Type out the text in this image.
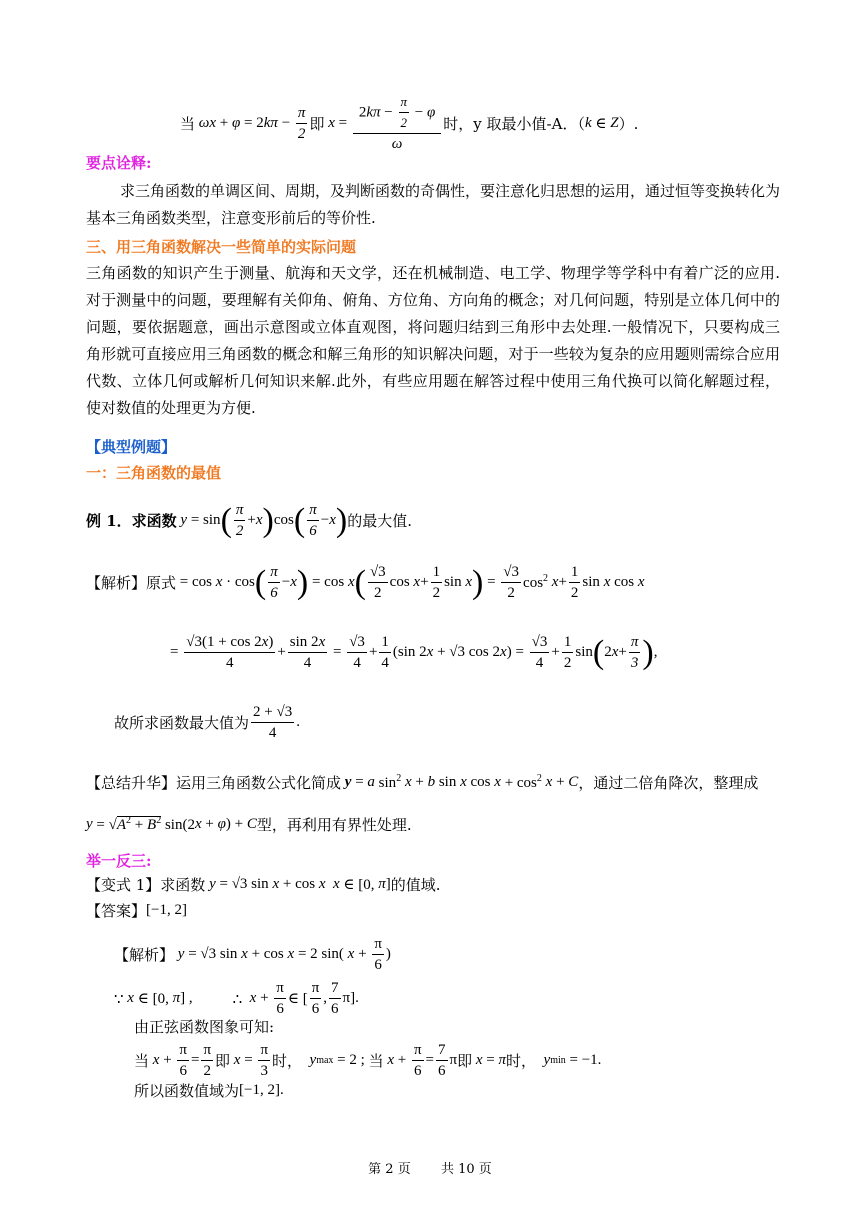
当 ωx + φ = 2 $k\pi - \frac{\pi}{2}$ 即 $x = \frac{2k\pi - \frac{\pi}{2} - \varphi}{\omega}$ 时，y 取最小值-A．（ k ∈ Z ）.
要点诠释:
求三角函数的单调区间、周期，及判断函数的奇偶性，要注意化归思想的运用，通过恒等变换转化为基本三角函数类型，注意变形前后的等价性.
三、用三角函数解决一些简单的实际问题
三角函数的知识产生于测量、航海和天文学，还在机械制造、电工学、物理学等学科中有着广泛的应用. 对于测量中的问题，要理解有关仰角、俯角、方位角、方向角的概念；对几何问题，特别是立体几何中的问题，要依据题意，画出示意图或立体直观图，将问题归结到三角形中去处理.一般情况下，只要构成三角形就可直接应用三角函数的概念和解三角形的知识解决问题，对于一些较为复杂的应用题则需综合应用代数、立体几何或解析几何知识来解.此外，有些应用题在解答过程中使用三角代换可以简化解题过程，使对数值的处理更为方便.
【典型例题】
一：三角函数的最值
例 1．求函数 y = sin ( $\frac{\pi}{2} + x$ ) cos ( $\frac{\pi}{6} - x$ ) 的最大值.
【解析】原式 = cos x · cos ( $\frac{\pi}{6} - x$ ) = cos x ( $\frac{√3}{2}$ $\cos x + \frac{1}{2}$ sin x ) = $\frac{√3}{2} \cos^2 x + \frac{1}{2}$ sin x cos x
= $\frac{√3(1 + \cos 2x)}{4} + \frac{\sin 2x}{4} = \frac{√3}{4} + \frac{1}{4} (\sin$ 2x + √3 $\cos 2x) = \frac{√3}{4} + \frac{1}{2}$ sin ( 2 $x + \frac{\pi}{3}$ ) ,
故所求函数最大值为 $\frac{2 + √3}{4}$ .
【总结升华】 运用三角函数公式化简成 y = a $\sin^2 x + b$ sin x $\cos x + \cos^2 x + C$ ，通过二倍角降次，整理成
$y = √A^2 + B^2$ sin(2 x + φ ) + C 型，再利用有界性处理.
举一反三:
【变式 1】求函数 y = √3 sin x + cos x x ∈ [0, π ] 的值域.
【答案】 [−1, 2]
【解析】 y = √3 sin x + cos x = 2 sin( $x + \frac{\pi}{6}$ )
∵ x ∈ [0, π ] ,	∴ $x + \frac{\pi}{6}$ ∈ [ $\frac{\pi}{6}$ , $\frac{7}{6} \pi$].
由正弦函数图象可知:
当 $x + \frac{\pi}{6} = \frac{\pi}{2}$ 即 $x = \frac{\pi}{3}$ 时， y max = 2 ; 当 $x + \frac{\pi}{6} = \frac{7}{6}$ π 即 x = π 时， y min = −1.
所以函数值域为 [−1, 2] .
第 2 页 共 10 页
